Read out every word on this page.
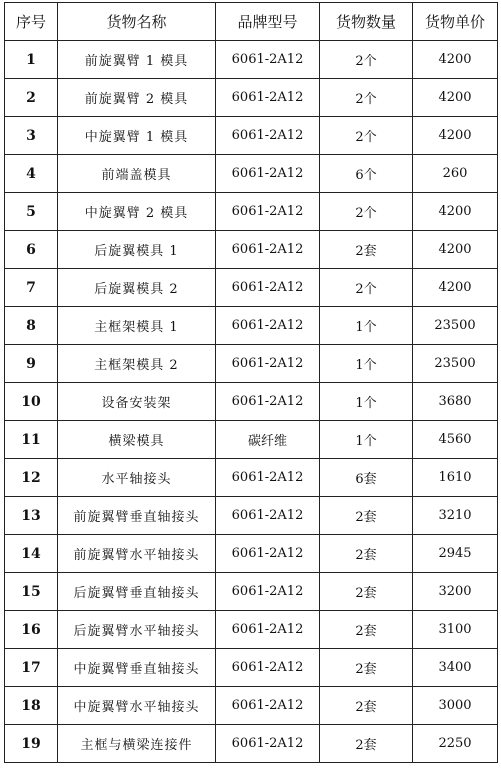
序号	货物名称	品牌型号	货物数量	货物单价
1	前旋翼臂 1 模具	6061-2A12	2个	4200
2	前旋翼臂 2 模具	6061-2A12	2个	4200
3	中旋翼臂 1 模具	6061-2A12	2个	4200
4	前端盖模具	6061-2A12	6个	260
5	中旋翼臂 2 模具	6061-2A12	2个	4200
6	后旋翼模具 1	6061-2A12	2套	4200
7	后旋翼模具 2	6061-2A12	2个	4200
8	主框架模具 1	6061-2A12	1个	23500
9	主框架模具 2	6061-2A12	1个	23500
10	设备安装架	6061-2A12	1个	3680
11	横梁模具	碳纤维	1个	4560
12	水平轴接头	6061-2A12	6套	1610
13	前旋翼臂垂直轴接头	6061-2A12	2套	3210
14	前旋翼臂水平轴接头	6061-2A12	2套	2945
15	后旋翼臂垂直轴接头	6061-2A12	2套	3200
16	后旋翼臂水平轴接头	6061-2A12	2套	3100
17	中旋翼臂垂直轴接头	6061-2A12	2套	3400
18	中旋翼臂水平轴接头	6061-2A12	2套	3000
19	主框与横梁连接件	6061-2A12	2套	2250
